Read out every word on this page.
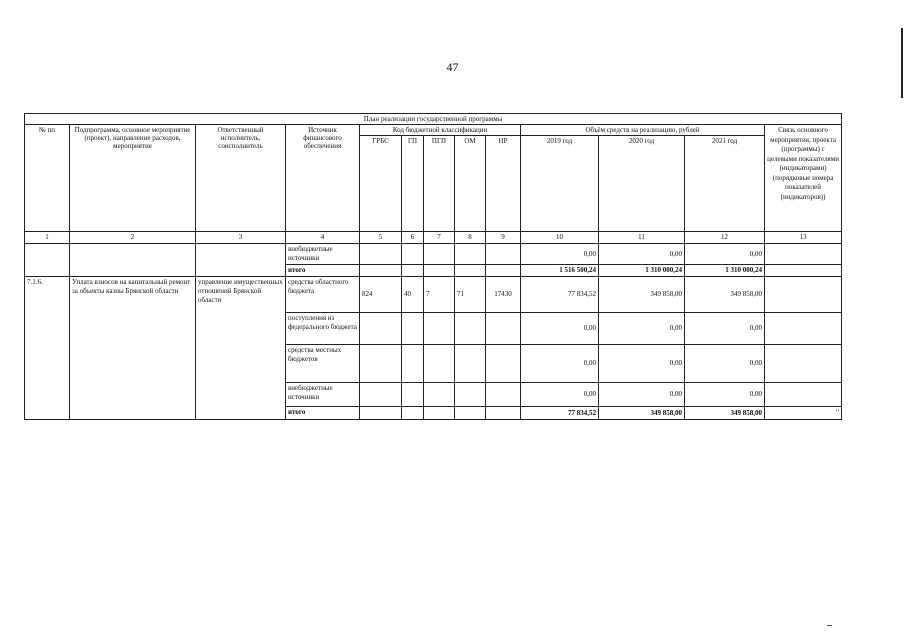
47
План реализации государственной программы												
№ пп	Подпрограмма, основное мероприятие (проект), направление расходов, мероприятие	Ответственный исполнитель, соисполнитель	Источник финансового обеспечения	Код бюджетной классификации					Объём средств на реализацию, рублей			Связь основного мероприятия, проекта (программы) с целевыми показателями (индикаторами) (порядковые номера показателей (индикаторов))
				ГРБС	ГП	ПГП	ОМ	НР	2019 год	2020 год	2021 год	
1	2	3	4	5	6	7	8	9	10	11	12	13
			внебюджетные источники						0,00	0,00	0,00	
			итого						1 516 500,24	1 310 000,24	1 310 000,24	
7.1.6.	Уплата взносов на капитальный ремонт за объекты казны Брянской области	управление имущественных отношений Брянской области	средства областного бюджета	824	40	7	71	17430	77 834,52	349 858,00	349 858,00	
			поступления из федерального бюджета						0,00	0,00	0,00	
			средства местных бюджетов						0,00	0,00	0,00	
			внебюджетные источники						0,00	0,00	0,00	
			итого						77 834,52	349 858,00	349 858,00	"
